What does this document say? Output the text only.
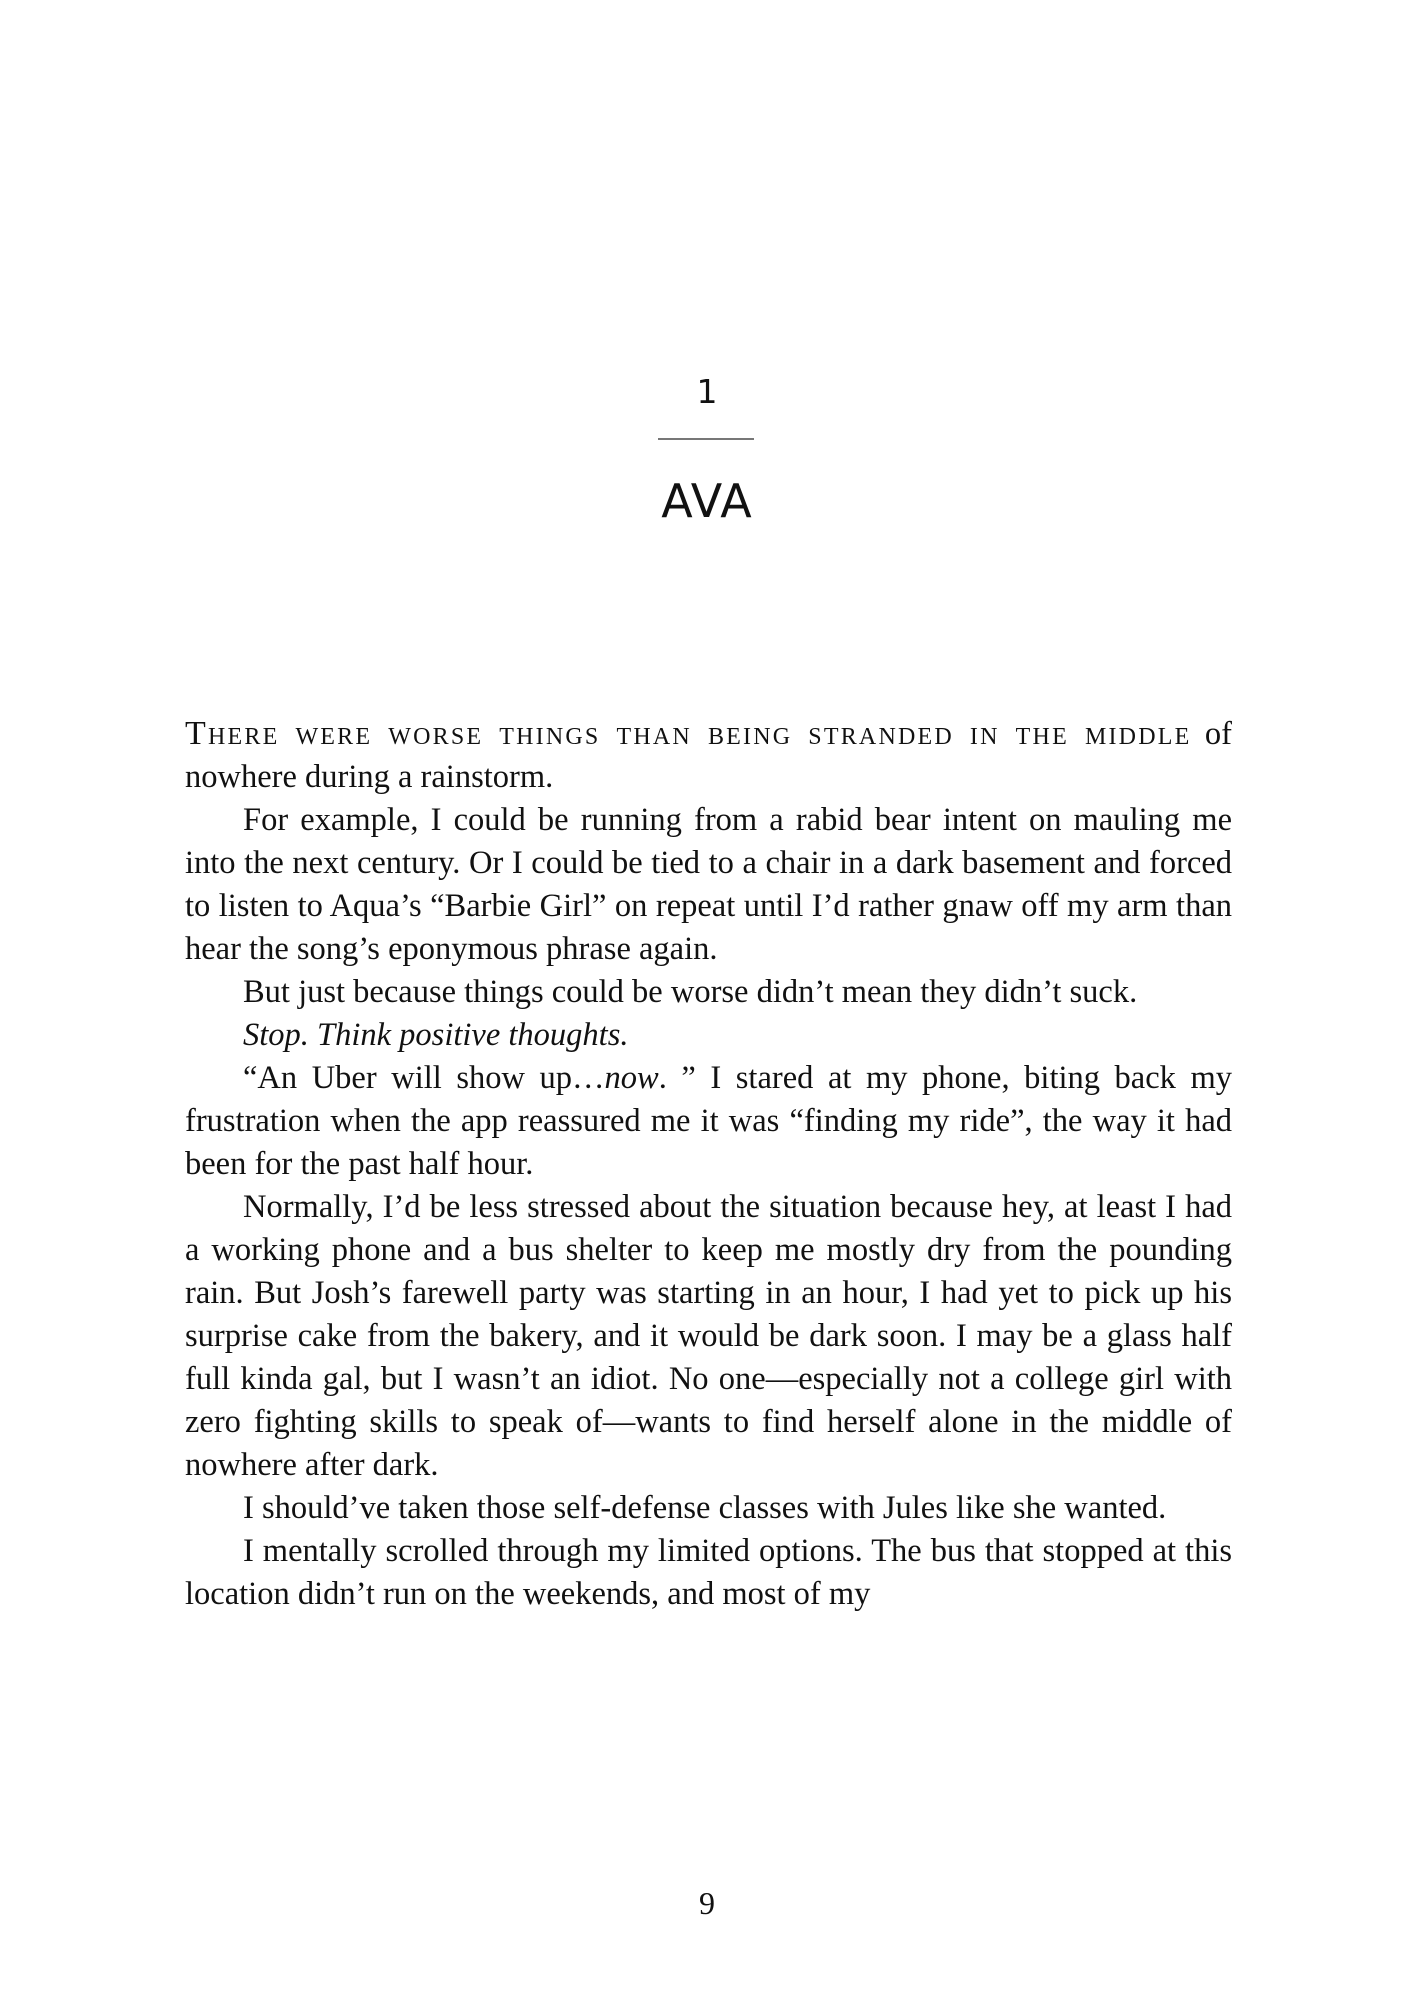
1
AVA

There were worse things than being stranded in the middle of nowhere during a rainstorm.

For example, I could be running from a rabid bear intent on mauling me into the next century. Or I could be tied to a chair in a dark basement and forced to listen to Aqua’s “Barbie Girl” on repeat until I’d rather gnaw off my arm than hear the song’s eponymous phrase again.

But just because things could be worse didn’t mean they didn’t suck.

Stop. Think positive thoughts.

“An Uber will show up…now. ” I stared at my phone, biting back my frustration when the app reassured me it was “finding my ride”, the way it had been for the past half hour.

Normally, I’d be less stressed about the situation because hey, at least I had a working phone and a bus shelter to keep me mostly dry from the pounding rain. But Josh’s farewell party was starting in an hour, I had yet to pick up his surprise cake from the bakery, and it would be dark soon. I may be a glass half full kinda gal, but I wasn’t an idiot. No one—especially not a college girl with zero fighting skills to speak of—wants to find herself alone in the middle of nowhere after dark.

I should’ve taken those self-defense classes with Jules like she wanted.

I mentally scrolled through my limited options. The bus that stopped at this location didn’t run on the weekends, and most of my

9
